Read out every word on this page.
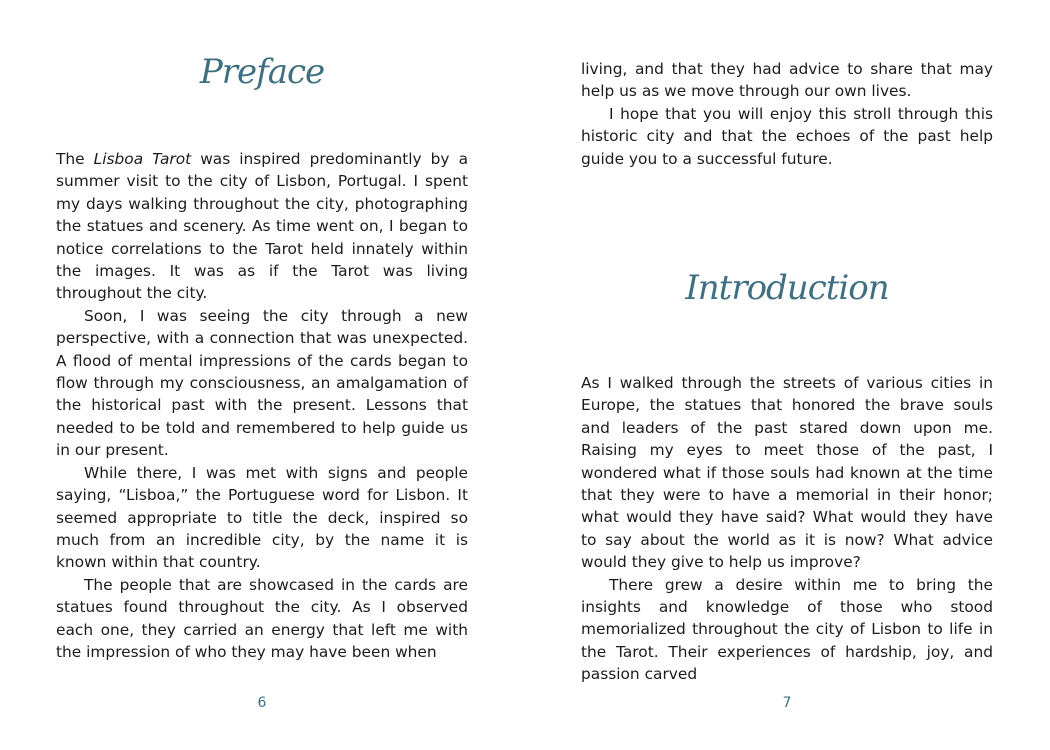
Preface

The Lisboa Tarot was inspired predominantly by a summer visit to the city of Lisbon, Portugal. I spent my days walking throughout the city, photographing the statues and scenery. As time went on, I began to notice correlations to the Tarot held innately within the images. It was as if the Tarot was living throughout the city.

Soon, I was seeing the city through a new perspective, with a connection that was unexpected. A flood of mental impressions of the cards began to flow through my consciousness, an amalgamation of the historical past with the present. Lessons that needed to be told and remembered to help guide us in our present.

While there, I was met with signs and people saying, “Lisboa,” the Portuguese word for Lisbon. It seemed appropriate to title the deck, inspired so much from an incredible city, by the name it is known within that country.

The people that are showcased in the cards are statues found throughout the city. As I observed each one, they carried an energy that left me with the impression of who they may have been when

6

living, and that they had advice to share that may help us as we move through our own lives.

I hope that you will enjoy this stroll through this historic city and that the echoes of the past help guide you to a successful future.

Introduction

As I walked through the streets of various cities in Europe, the statues that honored the brave souls and leaders of the past stared down upon me. Raising my eyes to meet those of the past, I wondered what if those souls had known at the time that they were to have a memorial in their honor; what would they have said? What would they have to say about the world as it is now? What advice would they give to help us improve?

There grew a desire within me to bring the insights and knowledge of those who stood memorialized throughout the city of Lisbon to life in the Tarot. Their experiences of hardship, joy, and passion carved

7
